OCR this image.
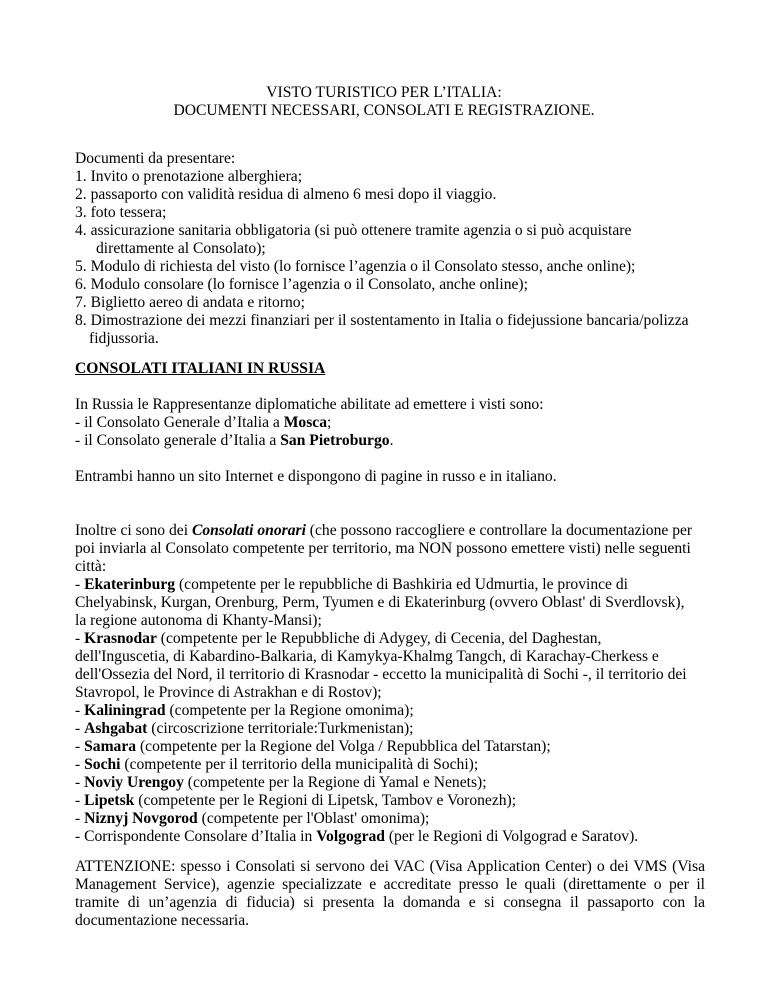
VISTO TURISTICO PER L’ITALIA:
DOCUMENTI NECESSARI, CONSOLATI E REGISTRAZIONE.
Documenti da presentare:
1. Invito o prenotazione alberghiera;
2. passaporto con validità residua di almeno 6 mesi dopo il viaggio.
3. foto tessera;
4. assicurazione sanitaria obbligatoria (si può ottenere tramite agenzia o si può acquistare
direttamente al Consolato);
5. Modulo di richiesta del visto (lo fornisce l’agenzia o il Consolato stesso, anche online);
6. Modulo consolare (lo fornisce l’agenzia o il Consolato, anche online);
7. Biglietto aereo di andata e ritorno;
8. Dimostrazione dei mezzi finanziari per il sostentamento in Italia o fidejussione bancaria/polizza
fidjussoria.
CONSOLATI ITALIANI IN RUSSIA
In Russia le Rappresentanze diplomatiche abilitate ad emettere i visti sono:
- il Consolato Generale d’Italia a Mosca;
- il Consolato generale d’Italia a San Pietroburgo.
Entrambi hanno un sito Internet e dispongono di pagine in russo e in italiano.
Inoltre ci sono dei Consolati onorari (che possono raccogliere e controllare la documentazione per
poi inviarla al Consolato competente per territorio, ma NON possono emettere visti) nelle seguenti
città:
- Ekaterinburg (competente per le repubbliche di Bashkiria ed Udmurtia, le province di
Chelyabinsk, Kurgan, Orenburg, Perm, Tyumen e di Ekaterinburg (ovvero Oblast' di Sverdlovsk),
la regione autonoma di Khanty-Mansi);
- Krasnodar (competente per le Repubbliche di Adygey, di Cecenia, del Daghestan,
dell'Inguscetia, di Kabardino-Balkaria, di Kamykya-Khalmg Tangch, di Karachay-Cherkess e
dell'Ossezia del Nord, il territorio di Krasnodar - eccetto la municipalità di Sochi -, il territorio dei
Stavropol, le Province di Astrakhan e di Rostov);
- Kaliningrad (competente per la Regione omonima);
- Ashgabat (circoscrizione territoriale:Turkmenistan);
- Samara (competente per la Regione del Volga / Repubblica del Tatarstan);
- Sochi (competente per il territorio della municipalità di Sochi);
- Noviy Urengoy (competente per la Regione di Yamal e Nenets);
- Lipetsk (competente per le Regioni di Lipetsk, Tambov e Voronezh);
- Niznyj Novgorod (competente per l'Oblast' omonima);
- Corrispondente Consolare d’Italia in Volgograd (per le Regioni di Volgograd e Saratov).
ATTENZIONE: spesso i Consolati si servono dei VAC (Visa Application Center) o dei VMS (Visa
Management Service), agenzie specializzate e accreditate presso le quali (direttamente o per il
tramite di un’agenzia di fiducia) si presenta la domanda e si consegna il passaporto con la
documentazione necessaria.
